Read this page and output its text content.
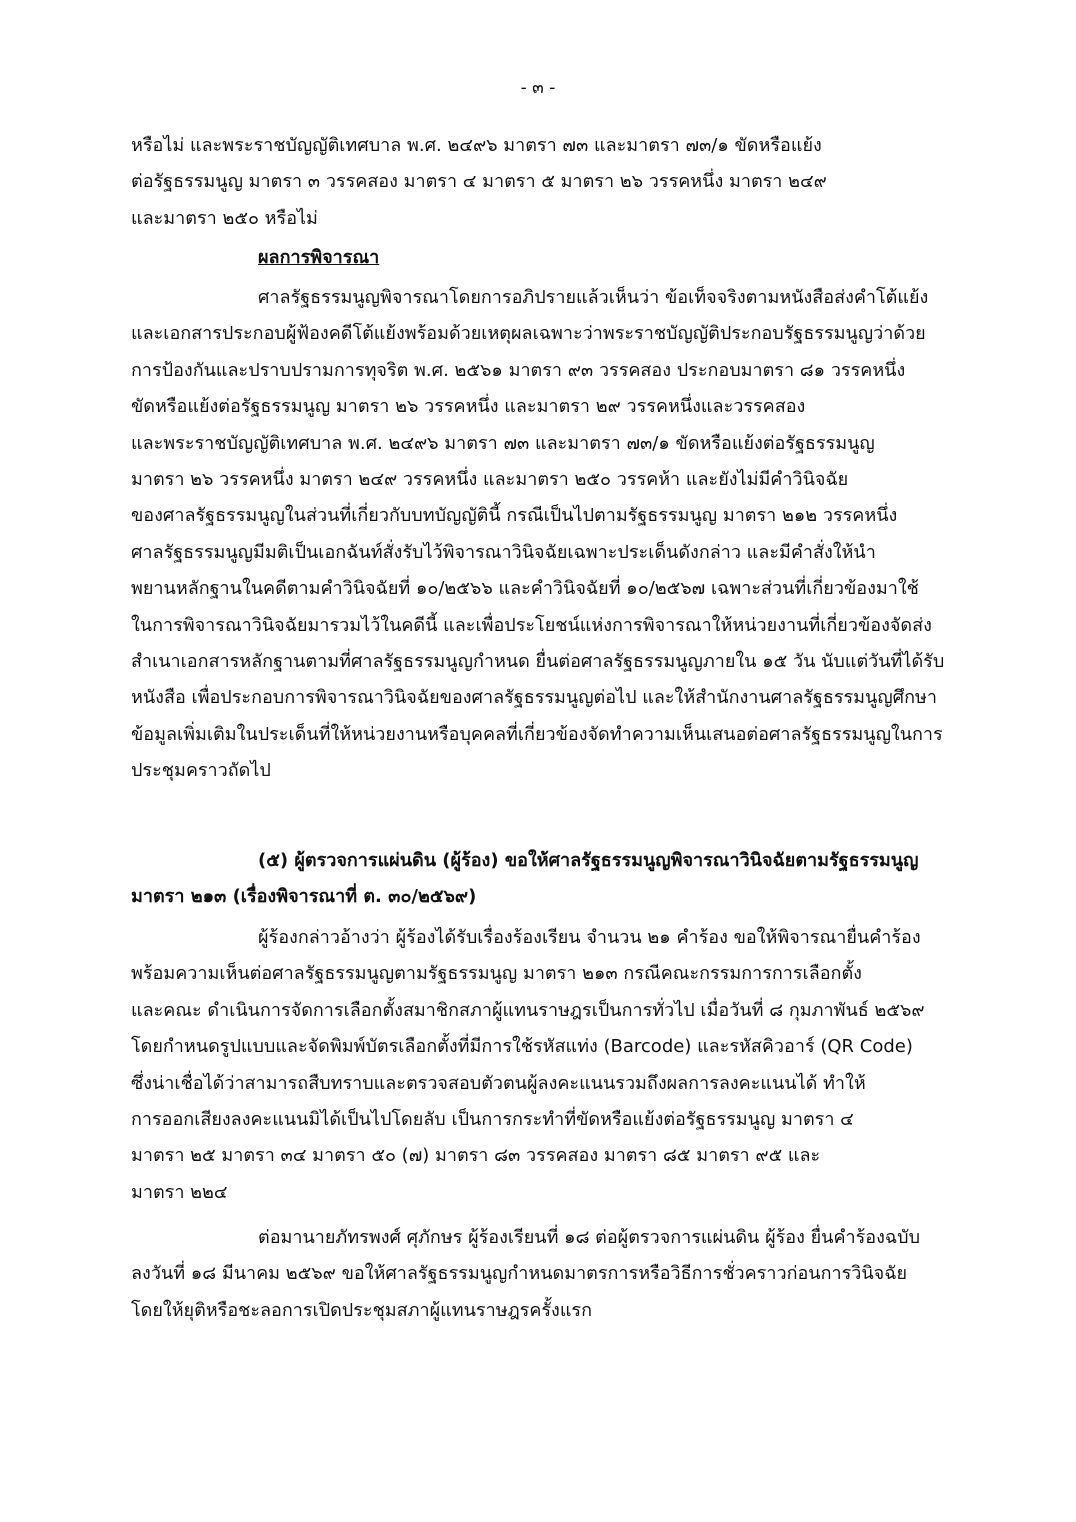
- ๓ -
หรือไม่ และพระราชบัญญัติเทศบาล พ.ศ. ๒๔๙๖ มาตรา ๗๓ และมาตรา ๗๓/๑ ขัดหรือแย้ง
ต่อรัฐธรรมนูญ มาตรา ๓ วรรคสอง มาตรา ๔ มาตรา ๕ มาตรา ๒๖ วรรคหนึ่ง มาตรา ๒๔๙
และมาตรา ๒๕๐ หรือไม่
ผลการพิจารณา
ศาลรัฐธรรมนูญพิจารณาโดยการอภิปรายแล้วเห็นว่า ข้อเท็จจริงตามหนังสือส่งคำโต้แย้ง
และเอกสารประกอบผู้ฟ้องคดีโต้แย้งพร้อมด้วยเหตุผลเฉพาะว่าพระราชบัญญัติประกอบรัฐธรรมนูญว่าด้วย
การป้องกันและปราบปรามการทุจริต พ.ศ. ๒๕๖๑ มาตรา ๙๓ วรรคสอง ประกอบมาตรา ๘๑ วรรคหนึ่ง
ขัดหรือแย้งต่อรัฐธรรมนูญ มาตรา ๒๖ วรรคหนึ่ง และมาตรา ๒๙ วรรคหนึ่งและวรรคสอง
และพระราชบัญญัติเทศบาล พ.ศ. ๒๔๙๖ มาตรา ๗๓ และมาตรา ๗๓/๑ ขัดหรือแย้งต่อรัฐธรรมนูญ
มาตรา ๒๖ วรรคหนึ่ง มาตรา ๒๔๙ วรรคหนึ่ง และมาตรา ๒๕๐ วรรคห้า และยังไม่มีคำวินิจฉัย
ของศาลรัฐธรรมนูญในส่วนที่เกี่ยวกับบทบัญญัตินี้ กรณีเป็นไปตามรัฐธรรมนูญ มาตรา ๒๑๒ วรรคหนึ่ง
ศาลรัฐธรรมนูญมีมติเป็นเอกฉันท์สั่งรับไว้พิจารณาวินิจฉัยเฉพาะประเด็นดังกล่าว และมีคำสั่งให้นำ
พยานหลักฐานในคดีตามคำวินิจฉัยที่ ๑๐/๒๕๖๖ และคำวินิจฉัยที่ ๑๐/๒๕๖๗ เฉพาะส่วนที่เกี่ยวข้องมาใช้
ในการพิจารณาวินิจฉัยมารวมไว้ในคดีนี้ และเพื่อประโยชน์แห่งการพิจารณาให้หน่วยงานที่เกี่ยวข้องจัดส่ง
สำเนาเอกสารหลักฐานตามที่ศาลรัฐธรรมนูญกำหนด ยื่นต่อศาลรัฐธรรมนูญภายใน ๑๕ วัน นับแต่วันที่ได้รับ
หนังสือ เพื่อประกอบการพิจารณาวินิจฉัยของศาลรัฐธรรมนูญต่อไป และให้สำนักงานศาลรัฐธรรมนูญศึกษา
ข้อมูลเพิ่มเติมในประเด็นที่ให้หน่วยงานหรือบุคคลที่เกี่ยวข้องจัดทำความเห็นเสนอต่อศาลรัฐธรรมนูญในการ
ประชุมคราวถัดไป
(๕) ผู้ตรวจการแผ่นดิน (ผู้ร้อง) ขอให้ศาลรัฐธรรมนูญพิจารณาวินิจฉัยตามรัฐธรรมนูญ
มาตรา ๒๑๓ (เรื่องพิจารณาที่ ต. ๓๐/๒๕๖๙)
ผู้ร้องกล่าวอ้างว่า ผู้ร้องได้รับเรื่องร้องเรียน จำนวน ๒๑ คำร้อง ขอให้พิจารณายื่นคำร้อง
พร้อมความเห็นต่อศาลรัฐธรรมนูญตามรัฐธรรมนูญ มาตรา ๒๑๓ กรณีคณะกรรมการการเลือกตั้ง
และคณะ ดำเนินการจัดการเลือกตั้งสมาชิกสภาผู้แทนราษฎรเป็นการทั่วไป เมื่อวันที่ ๘ กุมภาพันธ์ ๒๕๖๙
โดยกำหนดรูปแบบและจัดพิมพ์บัตรเลือกตั้งที่มีการใช้รหัสแท่ง (Barcode) และรหัสคิวอาร์ (QR Code)
ซึ่งน่าเชื่อได้ว่าสามารถสืบทราบและตรวจสอบตัวตนผู้ลงคะแนนรวมถึงผลการลงคะแนนได้ ทำให้
การออกเสียงลงคะแนนมิได้เป็นไปโดยลับ เป็นการกระทำที่ขัดหรือแย้งต่อรัฐธรรมนูญ มาตรา ๔
มาตรา ๒๕ มาตรา ๓๔ มาตรา ๕๐ (๗) มาตรา ๘๓ วรรคสอง มาตรา ๘๕ มาตรา ๙๕ และ
มาตรา ๒๒๔
ต่อมานายภัทรพงศ์ ศุภักษร ผู้ร้องเรียนที่ ๑๘ ต่อผู้ตรวจการแผ่นดิน ผู้ร้อง ยื่นคำร้องฉบับ
ลงวันที่ ๑๘ มีนาคม ๒๕๖๙ ขอให้ศาลรัฐธรรมนูญกำหนดมาตรการหรือวิธีการชั่วคราวก่อนการวินิจฉัย
โดยให้ยุติหรือชะลอการเปิดประชุมสภาผู้แทนราษฎรครั้งแรก
